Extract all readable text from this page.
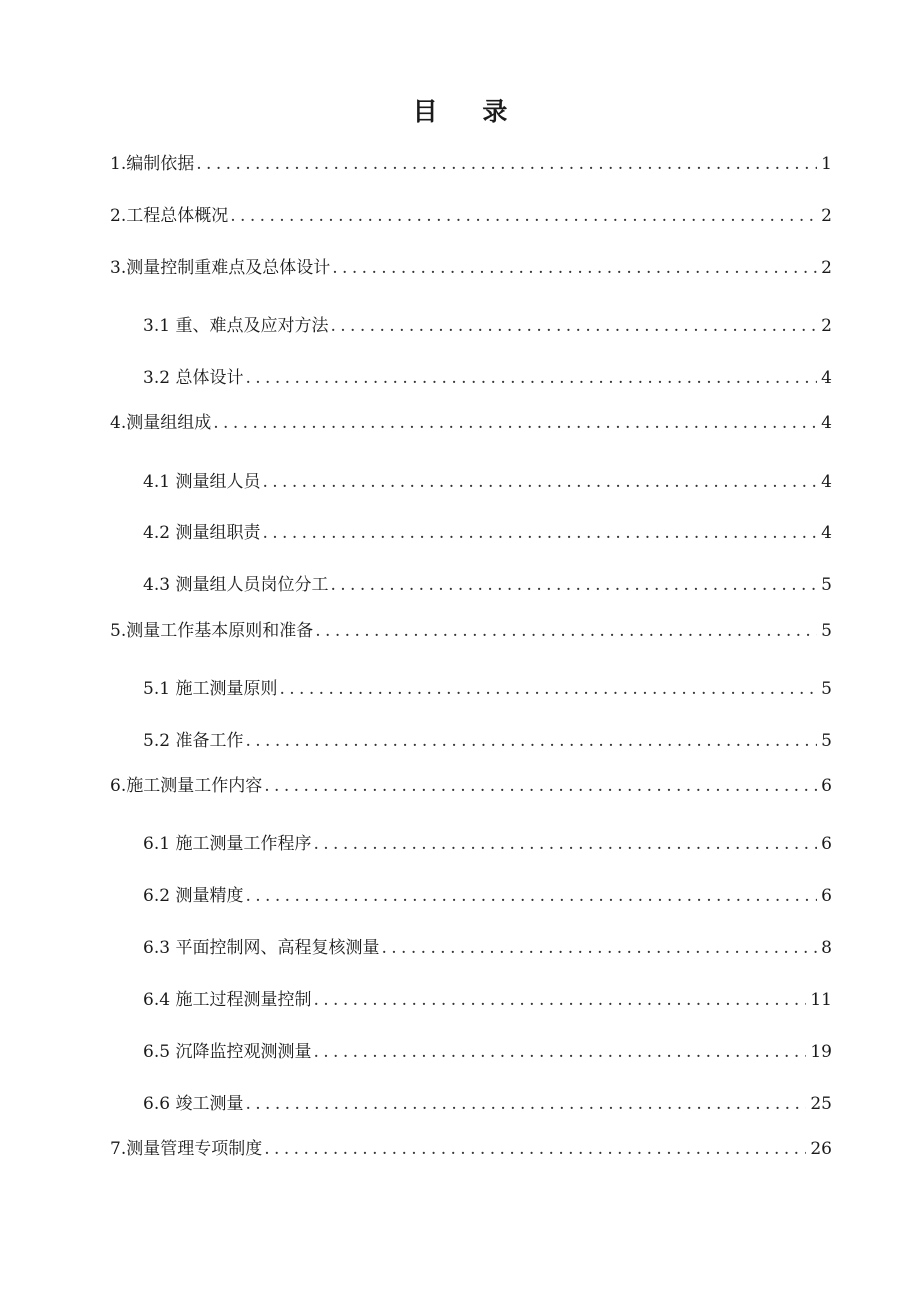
目 录
1.编制依据 .....	1
2.工程总体概况 .....	2
3.测量控制重难点及总体设计 .....	2
3.1 重、难点及应对方法 .....	2
3.2 总体设计 .....	4
4.测量组组成 .....	4
4.1 测量组人员 .....	4
4.2 测量组职责 .....	4
4.3 测量组人员岗位分工 .....	5
5.测量工作基本原则和准备 .....	5
5.1 施工测量原则 .....	5
5.2 准备工作 .....	5
6.施工测量工作内容 .....	6
6.1 施工测量工作程序 .....	6
6.2 测量精度 .....	6
6.3 平面控制网、高程复核测量 .....	8
6.4 施工过程测量控制 .....	11
6.5 沉降监控观测测量 .....	19
6.6 竣工测量 .....	25
7.测量管理专项制度 .....	26
